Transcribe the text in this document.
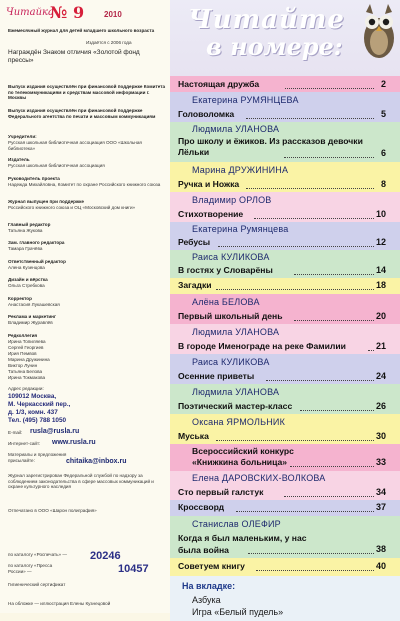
Читайка
№ 9 2010
Ежемесячный журнал для детей младшего школьного возраста
Издаётся с 2006 года
Награждён Знаком отличия «Золотой фонд прессы»
Выпуск издания осуществлён при финансовой поддержке Комитета по телекоммуникациям и средствам массовой информации г. Москвы
Выпуск издания осуществлён при финансовой поддержке Федерального агентства по печати и массовым коммуникациям
Учредители:
Русская школьная библиотечная ассоциация ООО «Школьная библиотека»
Издатель
Русская школьная библиотечная ассоциация
Руководитель проекта
Надежда Михайловна, Комитет по охране Российского книжного союза
Журнал выпущен при поддержке
Российского книжного союза и ОЦ «Московский дом книги»
Главный редактор
Татьяна Жукова
Зам. главного редактора
Тамара Грачёва
Ответственный редактор
Алена Кузенцова
Дизайн и вёрстка
Ольга Стребкова
Корректор
Анастасия Лукашевская
Реклама и маркетинг
Владимир Журавлёв
Редколлегия
Ирина Топиляева
Сергей Георгиев
Ирия Пемвов
Марина Дружинина
Виктор Лунин
Татьяна Белова
Ирина Токмакова
Адрес редакции:
109012 Москва,
М. Черкасский пер.,
д. 1/3, комн. 437
Тел. (495) 788 1050
E-mail:	rusla@rusla.ru
Интернет-сайт:	www.rusla.ru
Материалы и предложения присылайте:	chitaika@inbox.ru
Журнал зарегистрирован Федеральной службой по надзору за соблюдением законодательства в сфере массовых коммуникаций и охране культурного наследия
Отпечатано в ООО «Шарон полиграфия»
по каталогу «Роспечать» — 20246
по каталогу «Пресса России» —	10457
Гигиенический сертификат
На обложке — иллюстрация Елены Кузнецовой
Читайте
в номере:
Настоящая дружба	2
Екатерина РУМЯНЦЕВА
Головоломка	5
Людмила УЛАНОВА
Про школу и ёжиков. Из рассказов девочки Лёльки	6
Марина ДРУЖИНИНА
Ручка и Ножка	8
Владимир ОРЛОВ
Стихотворение	10
Екатерина Румянцева
Ребусы	12
Раиса КУЛИКОВА
В гостях у Словарёны	14
Загадки	18
Алёна БЕЛОВА
Первый школьный день	20
Людмила УЛАНОВА
В городе Именограде на реке Фамилии	21
Раиса КУЛИКОВА
Осенние приветы	24
Людмила УЛАНОВА
Поэтический мастер-класс	26
Оксана ЯРМОЛЬНИК
Муська	30
Всероссийский конкурс «Книжкина больница»	33
Елена ДАРОВСКИХ-ВОЛКОВА
Сто первый галстук	34
Кроссворд	37
Станислав ОЛЕФИР
Когда я был маленьким, у нас была война	38
Советуем книгу	40
На вкладке:
Азбука
Игра «Белый пудель»
